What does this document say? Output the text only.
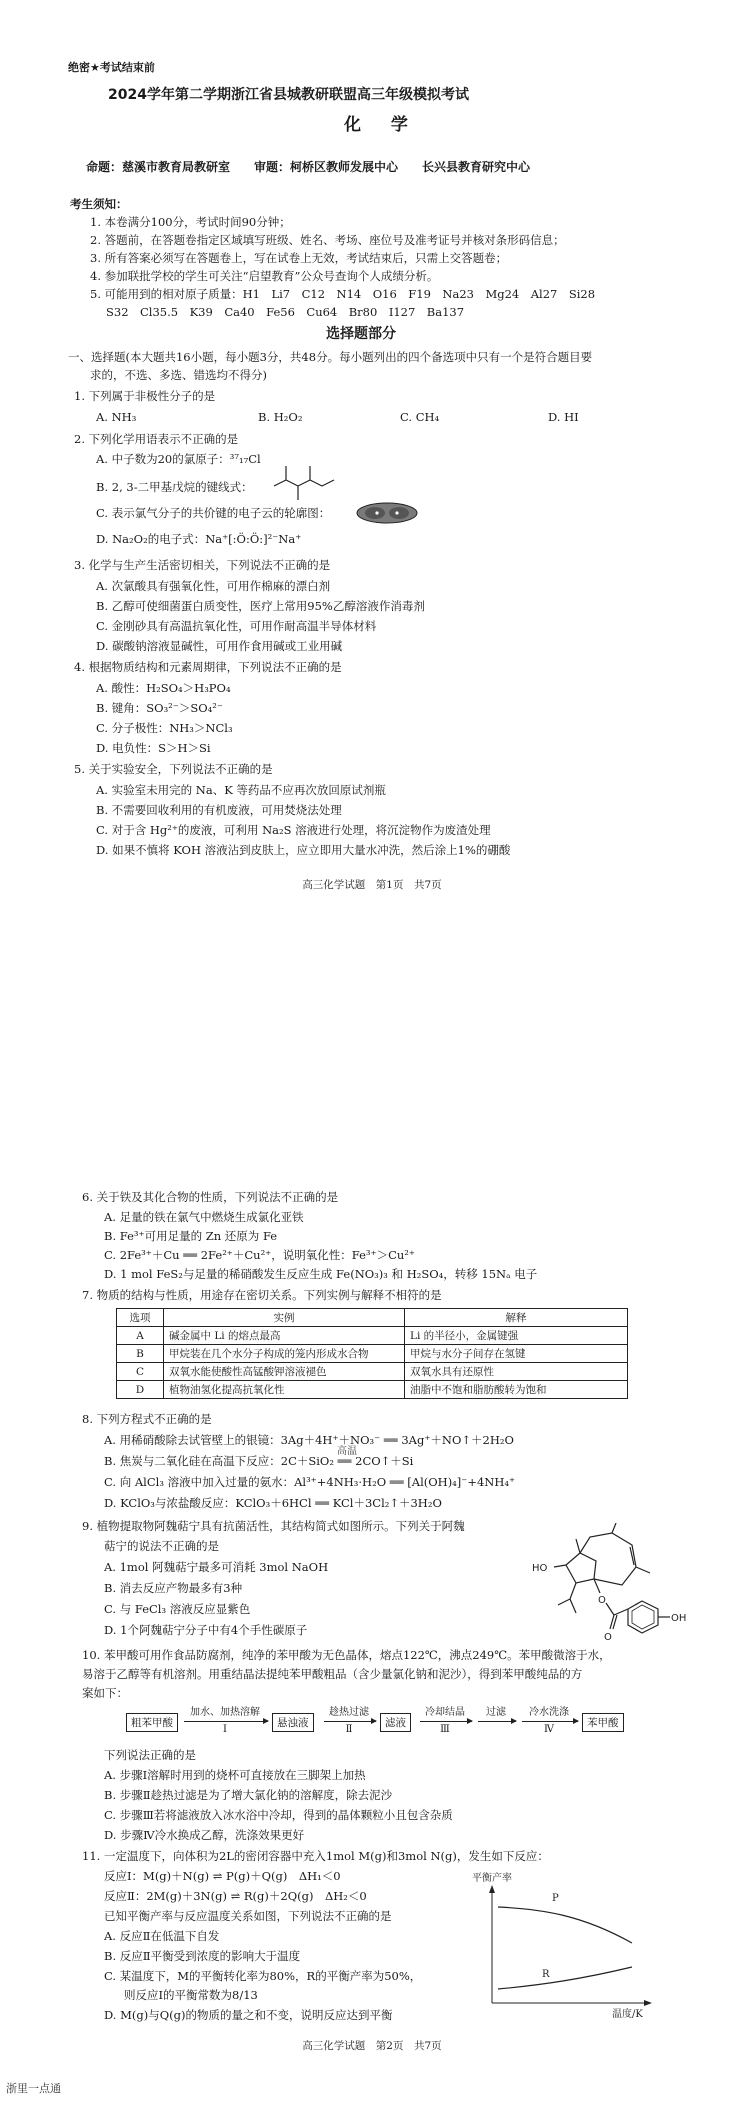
绝密★考试结束前
2024学年第二学期浙江省县城教研联盟高三年级模拟考试
化 学
命题：慈溪市教育局教研室　　审题：柯桥区教师发展中心　　长兴县教育研究中心
考生须知：
1. 本卷满分100分，考试时间90分钟；
2. 答题前，在答题卷指定区域填写班级、姓名、考场、座位号及准考证号并核对条形码信息；
3. 所有答案必须写在答题卷上，写在试卷上无效，考试结束后，只需上交答题卷；
4. 参加联批学校的学生可关注“启望教育”公众号查询个人成绩分析。
5. 可能用到的相对原子质量：H1　Li7　C12　N14　O16　F19　Na23　Mg24　Al27　Si28
S32　Cl35.5　K39　Ca40　Fe56　Cu64　Br80　I127　Ba137
选择题部分
一、选择题(本大题共16小题，每小题3分，共48分。每小题列出的四个备选项中只有一个是符合题目要
求的，不选、多选、错选均不得分)
1. 下列属于非极性分子的是
A. NH₃	B. H₂O₂	C. CH₄	D. HI
2. 下列化学用语表示不正确的是
A. 中子数为20的氯原子：³⁷₁₇Cl
B. 2, 3-二甲基戊烷的键线式：
C. 表示氯气分子的共价键的电子云的轮廓图：
D. Na₂O₂的电子式：Na⁺[:Ö:Ö:]²⁻Na⁺
3. 化学与生产生活密切相关，下列说法不正确的是
A. 次氯酸具有强氧化性，可用作棉麻的漂白剂
B. 乙醇可使细菌蛋白质变性，医疗上常用95%乙醇溶液作消毒剂
C. 金刚砂具有高温抗氧化性，可用作耐高温半导体材料
D. 碳酸钠溶液显碱性，可用作食用碱或工业用碱
4. 根据物质结构和元素周期律，下列说法不正确的是
A. 酸性：H₂SO₄＞H₃PO₄
B. 键角：SO₃²⁻＞SO₄²⁻
C. 分子极性：NH₃＞NCl₃
D. 电负性：S＞H＞Si
5. 关于实验安全，下列说法不正确的是
A. 实验室未用完的 Na、K 等药品不应再次放回原试剂瓶
B. 不需要回收利用的有机废液，可用焚烧法处理
C. 对于含 Hg²⁺的废液，可利用 Na₂S 溶液进行处理，将沉淀物作为废渣处理
D. 如果不慎将 KOH 溶液沾到皮肤上，应立即用大量水冲洗，然后涂上1%的硼酸
高三化学试题　第1页　共7页
6. 关于铁及其化合物的性质，下列说法不正确的是
A. 足量的铁在氯气中燃烧生成氯化亚铁
B. Fe³⁺可用足量的 Zn 还原为 Fe
C. 2Fe³⁺＋Cu ══ 2Fe²⁺＋Cu²⁺，说明氧化性：Fe³⁺＞Cu²⁺
D. 1 mol FeS₂与足量的稀硝酸发生反应生成 Fe(NO₃)₃ 和 H₂SO₄，转移 15Nₐ 电子
7. 物质的结构与性质，用途存在密切关系。下列实例与解释不相符的是
选项	实例	解释
A	碱金属中 Li 的熔点最高	Li 的半径小，金属键强
B	甲烷装在几个水分子构成的笼内形成水合物	甲烷与水分子间存在氢键
C	双氧水能使酸性高锰酸钾溶液褪色	双氧水具有还原性
D	植物油氢化提高抗氧化性	油脂中不饱和脂肪酸转为饱和
8. 下列方程式不正确的是
A. 用稀硝酸除去试管壁上的银镜：3Ag＋4H⁺＋NO₃⁻ ══ 3Ag⁺＋NO↑＋2H₂O
高温
B. 焦炭与二氧化硅在高温下反应：2C＋SiO₂ ══ 2CO↑＋Si
C. 向 AlCl₃ 溶液中加入过量的氨水：Al³⁺+4NH₃·H₂O ══ [Al(OH)₄]⁻+4NH₄⁺
D. KClO₃与浓盐酸反应：KClO₃＋6HCl ══ KCl＋3Cl₂↑＋3H₂O
9. 植物提取物阿魏萜宁具有抗菌活性，其结构简式如图所示。下列关于阿魏
萜宁的说法不正确的是
A. 1mol 阿魏萜宁最多可消耗 3mol NaOH
B. 消去反应产物最多有3种
C. 与 FeCl₃ 溶液反应显紫色
D. 1个阿魏萜宁分子中有4个手性碳原子
HO
O
O
OH
10. 苯甲酸可用作食品防腐剂，纯净的苯甲酸为无色晶体，熔点122℃，沸点249℃。苯甲酸微溶于水，
易溶于乙醇等有机溶剂。用重结晶法提纯苯甲酸粗品（含少量氯化钠和泥沙），得到苯甲酸纯品的方
案如下：
粗苯甲酸
加水、加热溶解
Ⅰ
悬浊液
趁热过滤
Ⅱ
滤液
冷却结晶
Ⅲ
过滤	冷水洗涤
Ⅳ
苯甲酸
下列说法正确的是
A. 步骤Ⅰ溶解时用到的烧杯可直接放在三脚架上加热
B. 步骤Ⅱ趁热过滤是为了增大氯化钠的溶解度，除去泥沙
C. 步骤Ⅲ若将滤液放入冰水浴中冷却，得到的晶体颗粒小且包含杂质
D. 步骤Ⅳ冷水换成乙醇，洗涤效果更好
11. 一定温度下，向体积为2L的密闭容器中充入1mol M(g)和3mol N(g)，发生如下反应：
反应Ⅰ：M(g)＋N(g) ⇌ P(g)＋Q(g)　ΔH₁＜0
反应Ⅱ：2M(g)＋3N(g) ⇌ R(g)＋2Q(g)　ΔH₂＜0
已知平衡产率与反应温度关系如图，下列说法不正确的是
A. 反应Ⅱ在低温下自发
B. 反应Ⅱ平衡受到浓度的影响大于温度
C. 某温度下，M的平衡转化率为80%，R的平衡产率为50%，
则反应Ⅰ的平衡常数为8/13
D. M(g)与Q(g)的物质的量之和不变，说明反应达到平衡
平衡产率
P
R
温度/K
高三化学试题　第2页　共7页
浙里一点通
